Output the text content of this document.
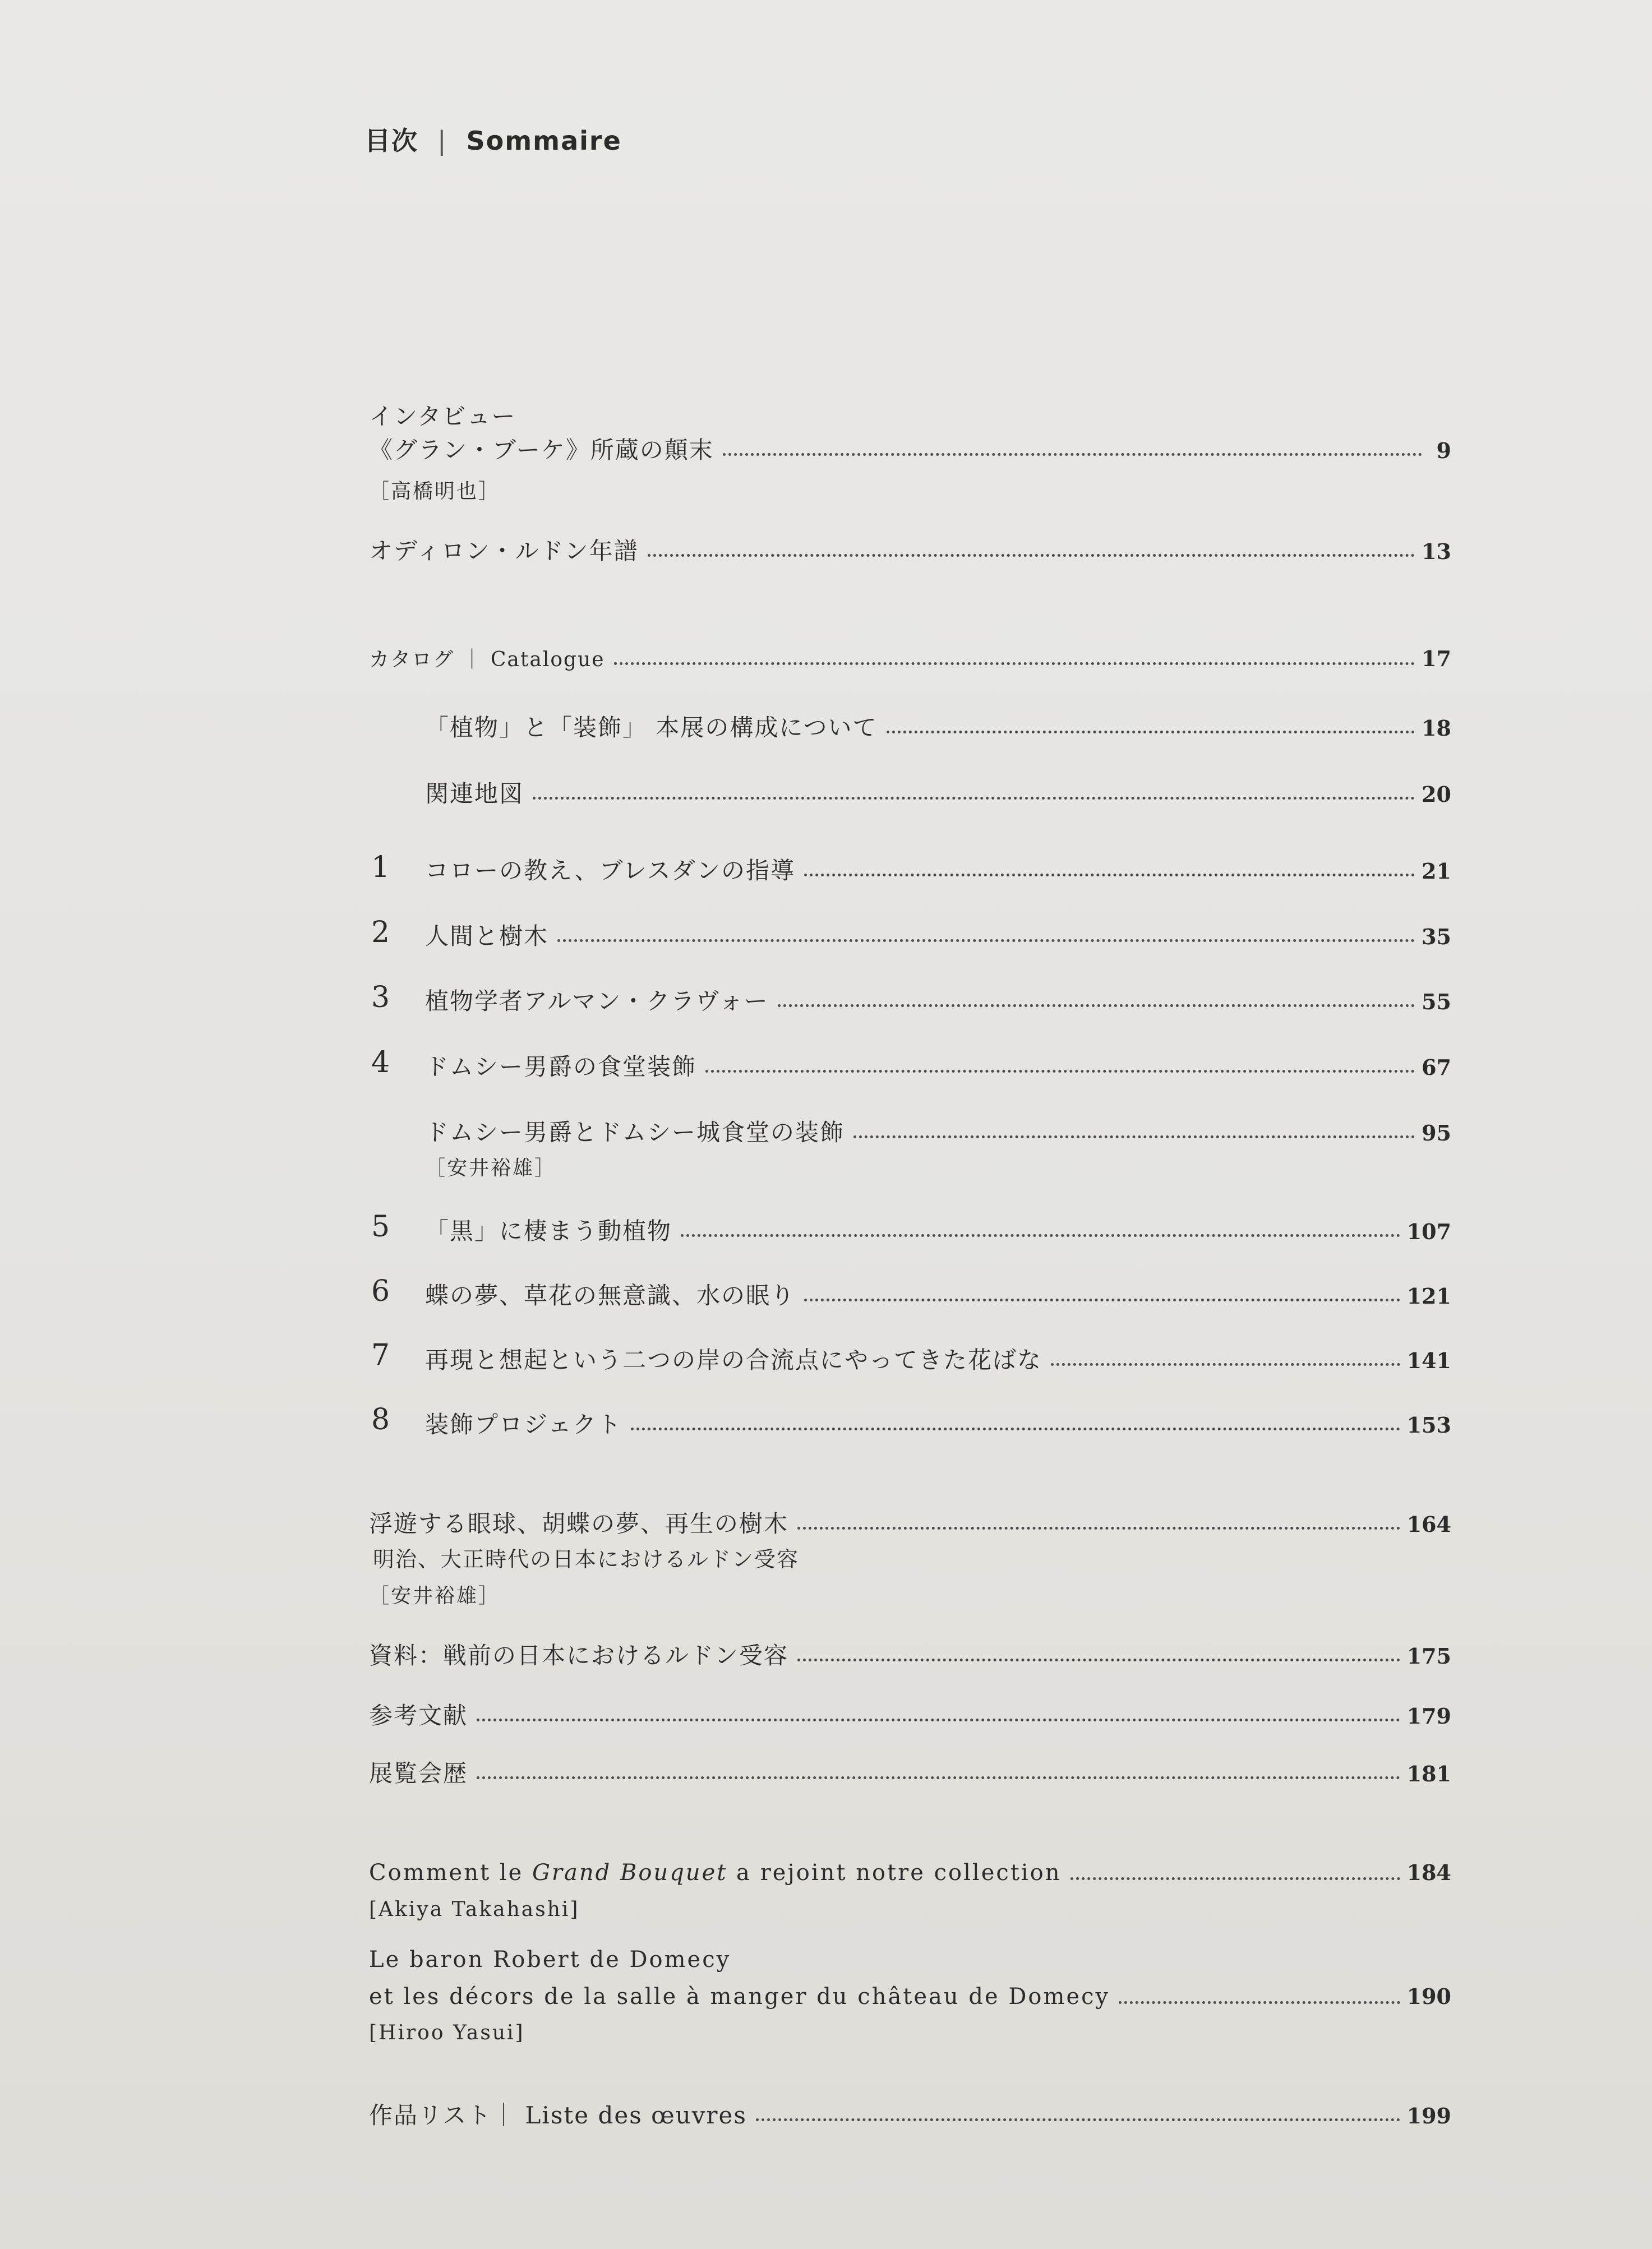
目次 | Sommaire
インタビュー
《グラン・ブーケ》所蔵の顛末	9
［高橋明也］
オディロン・ルドン年譜	13
カタログ ｜ Catalogue	17
「植物」と「装飾」 本展の構成について	18
関連地図	20
1 コローの教え、ブレスダンの指導	21
2 人間と樹木	35
3 植物学者アルマン・クラヴォー	55
4 ドムシー男爵の食堂装飾	67
ドムシー男爵とドムシー城食堂の装飾	95
［安井裕雄］
5 「黒」に棲まう動植物	107
6 蝶の夢、草花の無意識、水の眠り	121
7 再現と想起という二つの岸の合流点にやってきた花ばな	141
8 装飾プロジェクト	153
浮遊する眼球、胡蝶の夢、再生の樹木	164
明治、大正時代の日本におけるルドン受容
［安井裕雄］
資料：戦前の日本におけるルドン受容	175
参考文献	179
展覧会歴	181
Comment le Grand Bouquet a rejoint notre collection	184
[Akiya Takahashi]
Le baron Robert de Domecy
et les décors de la salle à manger du château de Domecy	190
[Hiroo Yasui]
作品リスト｜ Liste des œuvres	199
